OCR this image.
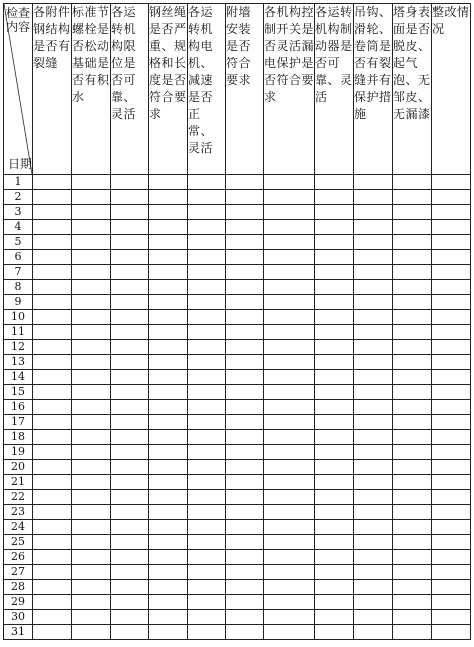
检查内容
日期	各附件钢结构是否有裂缝	标准节螺栓是否松动基础是否有积水	各运转机构限位是否可靠、灵活	钢丝绳是否严重、规格和长度是否符合要求	各运转机构电机、减速是否正常、灵活	附墙安装是否符合要求	各机构控制开关是否灵活漏电保护是否符合要求	各运转机构制动器是否可靠、灵活	吊钩、滑轮、卷筒是否有裂缝并有保护措施	塔身表面是否脱皮、起气泡、无邹皮、无漏漆	整改情况
1											
2											
3											
4											
5											
6											
7											
8											
9											
10											
11											
12											
13											
14											
15											
16											
17											
18											
19											
20											
21											
22											
23											
24											
25											
26											
27											
28											
29											
30											
31											
